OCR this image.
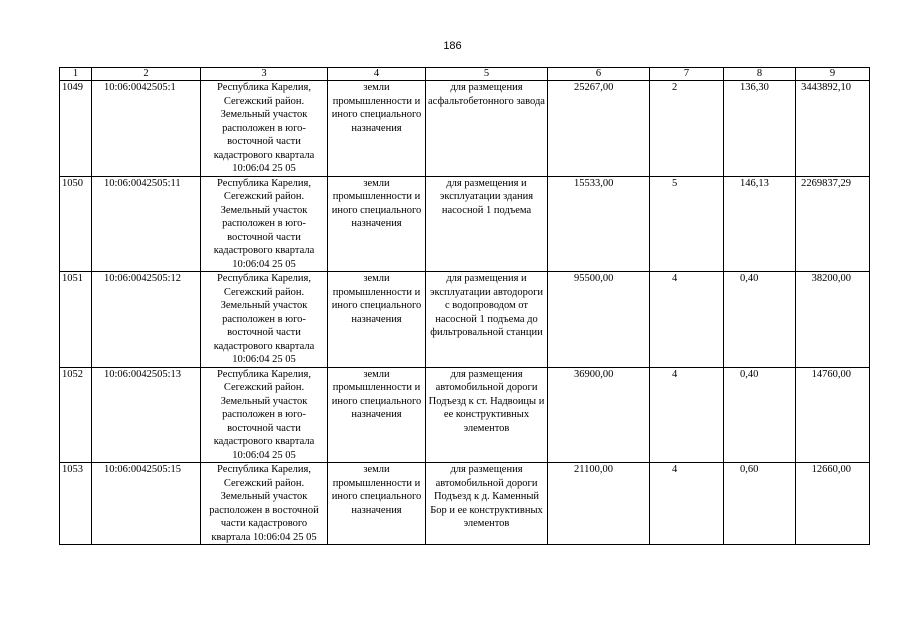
186
1	2	3	4	5	6	7	8	9
1049	10:06:0042505:1	Республика Карелия, Сегежский район. Земельный участок расположен в юго-восточной части кадастрового квартала 10:06:04 25 05	земли промышленности и иного специального назначения	для размещения асфальтобетонного завода	25267,00	2	136,30	3443892,10
1050	10:06:0042505:11	Республика Карелия, Сегежский район. Земельный участок расположен в юго-восточной части кадастрового квартала 10:06:04 25 05	земли промышленности и иного специального назначения	для размещения и эксплуатации здания насосной 1 подъема	15533,00	5	146,13	2269837,29
1051	10:06:0042505:12	Республика Карелия, Сегежский район. Земельный участок расположен в юго-восточной части кадастрового квартала 10:06:04 25 05	земли промышленности и иного специального назначения	для размещения и эксплуатации автодороги с водопроводом от насосной 1 подъема до фильтровальной станции	95500,00	4	0,40	38200,00
1052	10:06:0042505:13	Республика Карелия, Сегежский район. Земельный участок расположен в юго-восточной части кадастрового квартала 10:06:04 25 05	земли промышленности и иного специального назначения	для размещения автомобильной дороги Подъезд к ст. Надвоицы и ее конструктивных элементов	36900,00	4	0,40	14760,00
1053	10:06:0042505:15	Республика Карелия, Сегежский район. Земельный участок расположен в восточной части кадастрового квартала 10:06:04 25 05	земли промышленности и иного специального назначения	для размещения автомобильной дороги Подъезд к д. Каменный Бор и ее конструктивных элементов	21100,00	4	0,60	12660,00
